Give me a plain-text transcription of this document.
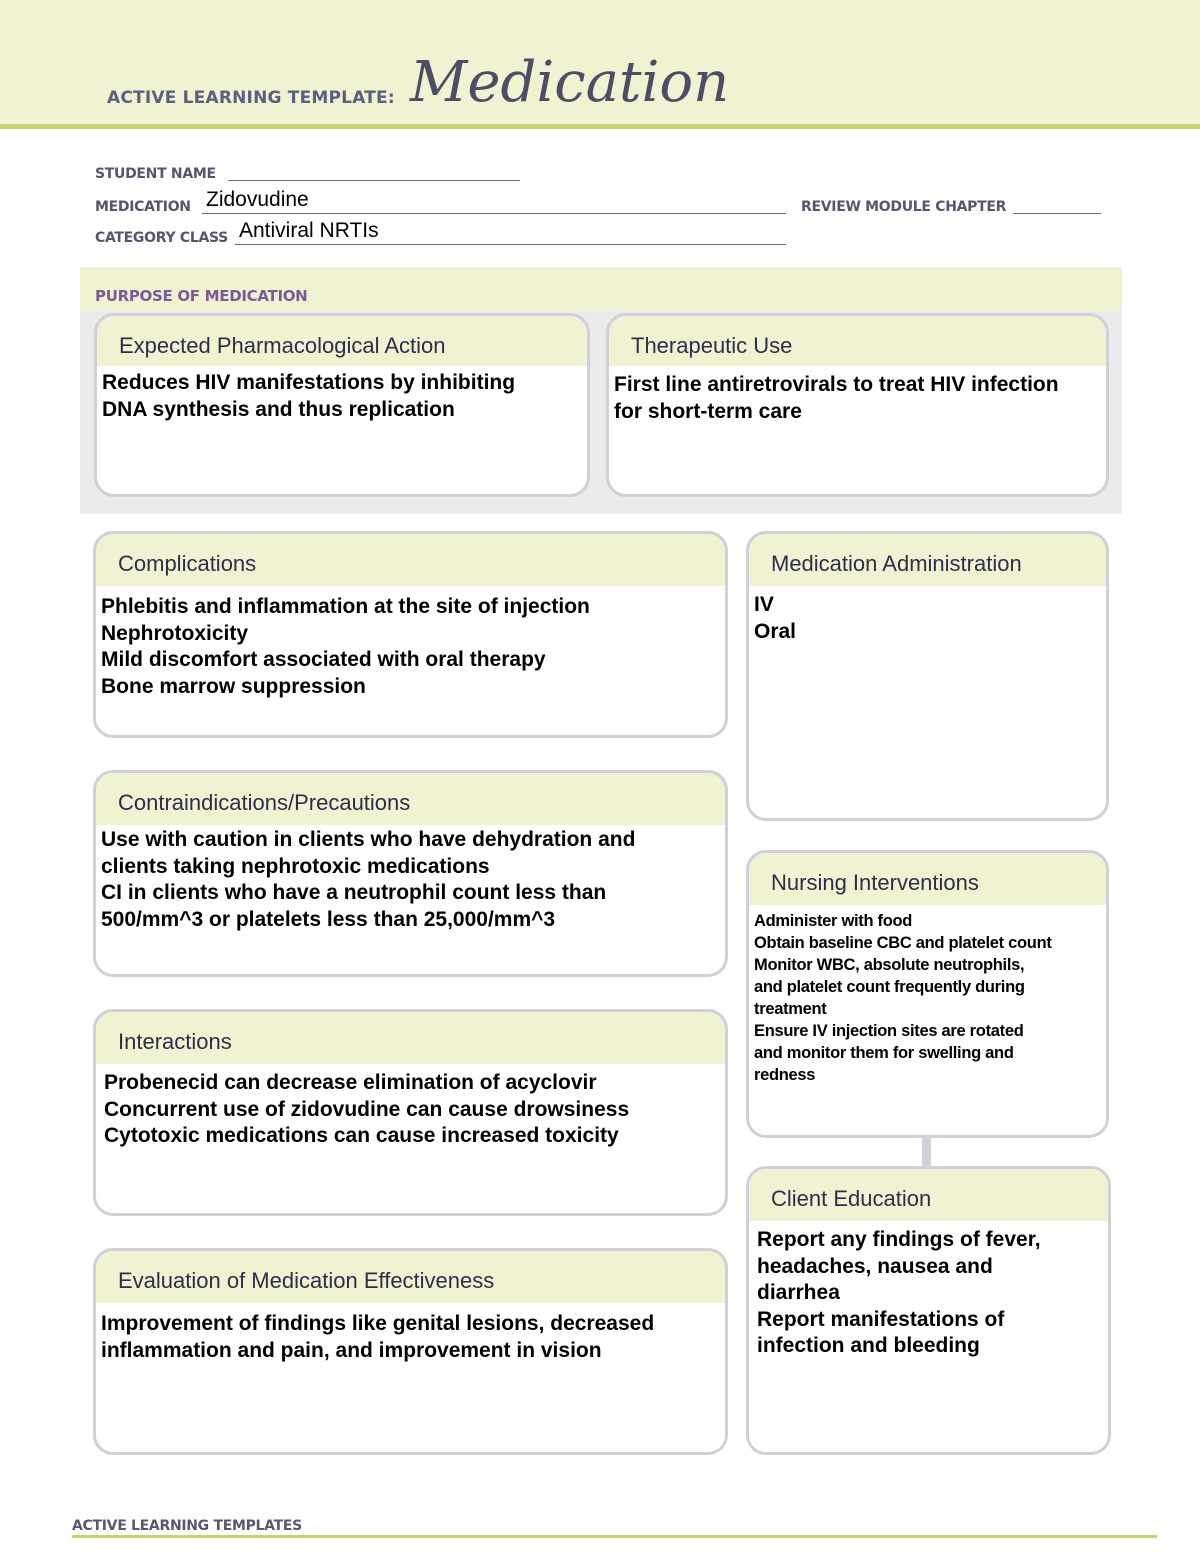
ACTIVE LEARNING TEMPLATE: Medication
STUDENT NAME
MEDICATION Zidovudine	REVIEW MODULE CHAPTER
CATEGORY CLASS Antiviral NRTIs
PURPOSE OF MEDICATION
Expected Pharmacological Action
Reduces HIV manifestations by inhibiting
DNA synthesis and thus replication
Therapeutic Use
First line antiretrovirals to treat HIV infection
for short-term care
Complications
Phlebitis and inflammation at the site of injection
Nephrotoxicity
Mild discomfort associated with oral therapy
Bone marrow suppression
Medication Administration
IV
Oral
Contraindications/Precautions
Use with caution in clients who have dehydration and
clients taking nephrotoxic medications
CI in clients who have a neutrophil count less than
500/mm^3 or platelets less than 25,000/mm^3
Nursing Interventions
Administer with food
Obtain baseline CBC and platelet count
Monitor WBC, absolute neutrophils,
and platelet count frequently during
treatment
Ensure IV injection sites are rotated
and monitor them for swelling and
redness
Interactions
Probenecid can decrease elimination of acyclovir
Concurrent use of zidovudine can cause drowsiness
Cytotoxic medications can cause increased toxicity
Client Education
Report any findings of fever,
headaches, nausea and
diarrhea
Report manifestations of
infection and bleeding
Evaluation of Medication Effectiveness
Improvement of findings like genital lesions, decreased
inflammation and pain, and improvement in vision
ACTIVE LEARNING TEMPLATES
